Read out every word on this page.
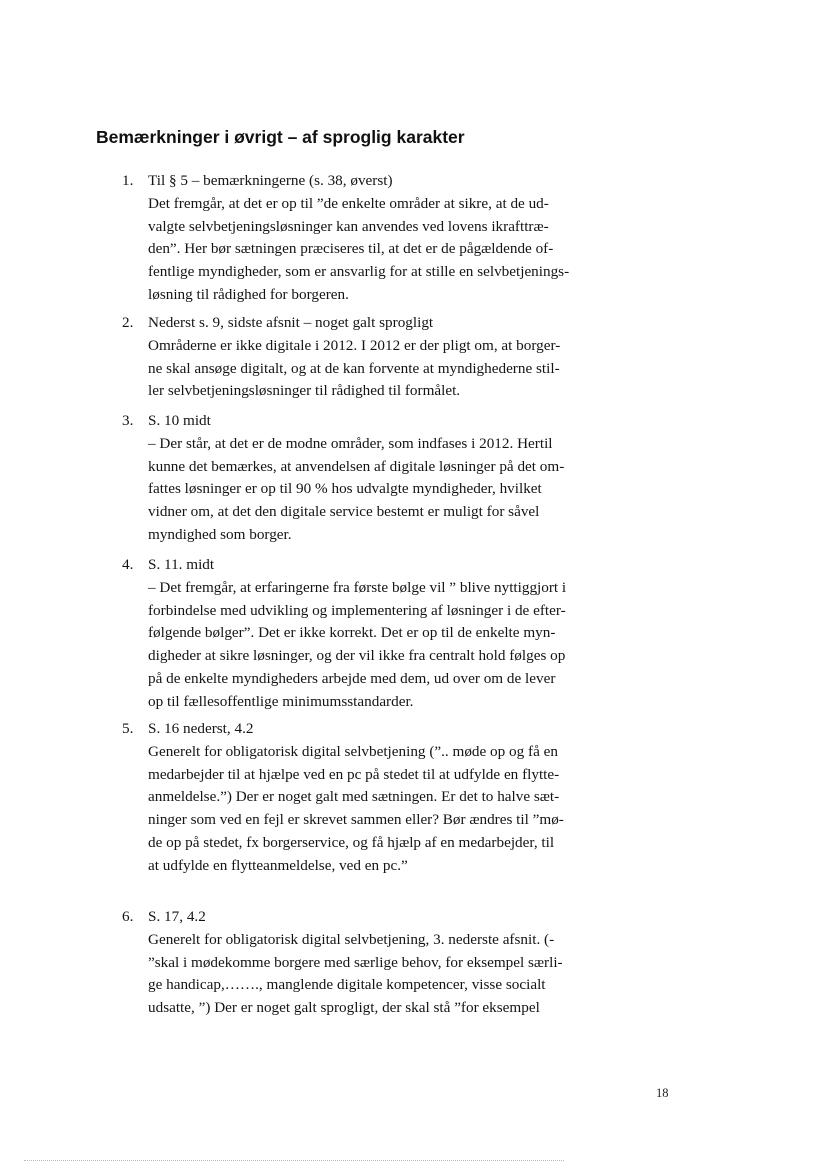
Bemærkninger i øvrigt – af sproglig karakter
1. Til § 5 – bemærkningerne (s. 38, øverst)
Det fremgår, at det er op til ”de enkelte områder at sikre, at de ud-
valgte selvbetjeningsløsninger kan anvendes ved lovens ikrafttræ-
den”. Her bør sætningen præciseres til, at det er de pågældende of-
fentlige myndigheder, som er ansvarlig for at stille en selvbetjenings-
løsning til rådighed for borgeren.
2. Nederst s. 9, sidste afsnit – noget galt sprogligt
Områderne er ikke digitale i 2012. I 2012 er der pligt om, at borger-
ne skal ansøge digitalt, og at de kan forvente at myndighederne stil-
ler selvbetjeningsløsninger til rådighed til formålet.
3. S. 10 midt
– Der står, at det er de modne områder, som indfases i 2012. Hertil
kunne det bemærkes, at anvendelsen af digitale løsninger på det om-
fattes løsninger er op til 90 % hos udvalgte myndigheder, hvilket
vidner om, at det den digitale service bestemt er muligt for såvel
myndighed som borger.
4. S. 11. midt
– Det fremgår, at erfaringerne fra første bølge vil ” blive nyttiggjort i
forbindelse med udvikling og implementering af løsninger i de efter-
følgende bølger”. Det er ikke korrekt. Det er op til de enkelte myn-
digheder at sikre løsninger, og der vil ikke fra centralt hold følges op
på de enkelte myndigheders arbejde med dem, ud over om de lever
op til fællesoffentlige minimumsstandarder.
5. S. 16 nederst, 4.2
Generelt for obligatorisk digital selvbetjening (”.. møde op og få en
medarbejder til at hjælpe ved en pc på stedet til at udfylde en flytte-
anmeldelse.”) Der er noget galt med sætningen. Er det to halve sæt-
ninger som ved en fejl er skrevet sammen eller? Bør ændres til ”mø-
de op på stedet, fx borgerservice, og få hjælp af en medarbejder, til
at udfylde en flytteanmeldelse, ved en pc.”
6. S. 17, 4.2
Generelt for obligatorisk digital selvbetjening, 3. nederste afsnit. (-
”skal i mødekomme borgere med særlige behov, for eksempel særli-
ge handicap,……., manglende digitale kompetencer, visse socialt
udsatte, ”) Der er noget galt sprogligt, der skal stå ”for eksempel
18
